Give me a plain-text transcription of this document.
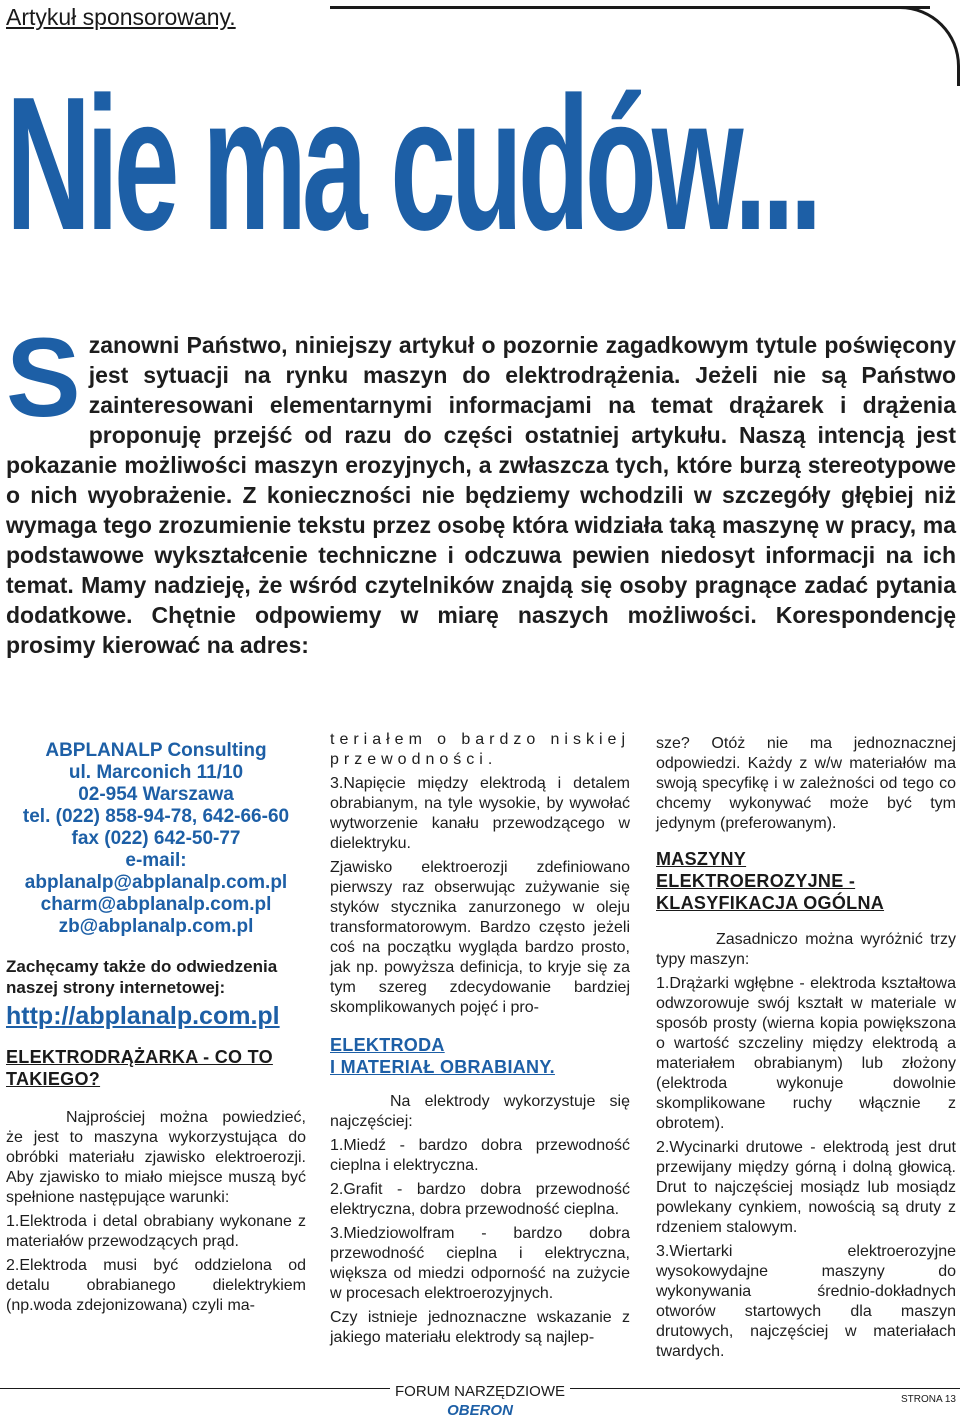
Artykuł sponsorowany.
Nie ma cudów...
S zanowni Państwo, niniejszy artykuł o pozornie zagadkowym tytule poświęcony jest sytuacji na rynku maszyn do elektrodrążenia. Jeżeli nie są Państwo zainteresowani elementarnymi informacjami na temat drążarek i drążenia proponuję przejść od razu do części ostatniej artykułu. Naszą intencją jest pokazanie możliwości maszyn erozyjnych, a zwłaszcza tych, które burzą stereotypowe o nich wyobrażenie. Z konieczności nie będziemy wchodzili w szczegóły głębiej niż wymaga tego zrozumienie tekstu przez osobę która widziała taką maszynę w pracy, ma podstawowe wykształcenie techniczne i odczuwa pewien niedosyt informacji na ich temat. Mamy nadzieję, że wśród czytelników znajdą się osoby pragnące zadać pytania dodatkowe. Chętnie odpowiemy w miarę naszych możliwości. Korespondencję prosimy kierować na adres:
ABPLANALP Consulting
ul. Marconich 11/10
02-954 Warszawa
tel. (022) 858-94-78, 642-66-60
fax (022) 642-50-77
e-mail:
abplanalp@abplanalp.com.pl
charm@abplanalp.com.pl
zb@abplanalp.com.pl
Zachęcamy także do odwiedzenia naszej strony internetowej:
http://abplanalp.com.pl
ELEKTRODRĄŻARKA - CO TO TAKIEGO?

Najprościej można powiedzieć, że jest to maszyna wykorzystująca do obróbki materiału zjawisko elektroerozji. Aby zjawisko to miało miejsce muszą być spełnione następujące warunki:

1.Elektroda i detal obrabiany wykonane z materiałów przewodzących prąd.

2.Elektroda musi być oddzielona od detalu obrabianego dielektrykiem (np.woda zdejonizowana) czyli ma-

teriałem o bardzo niskiej przewodności.

3.Napięcie między elektrodą i detalem obrabianym, na tyle wysokie, by wywołać wytworzenie kanału przewodzącego w dielektryku.

Zjawisko elektroerozji zdefiniowano pierwszy raz obserwując zużywanie się styków stycznika zanurzonego w oleju transformatorowym. Bardzo często jeżeli coś na początku wygląda bardzo prosto, jak np. powyższa definicja, to kryje się za tym szereg zdecydowanie bardziej skomplikowanych pojęć i pro-

ELEKTRODA
I MATERIAŁ OBRABIANY.

Na elektrody wykorzystuje się najczęściej:

1.Miedź - bardzo dobra przewodność cieplna i elektryczna.

2.Grafit - bardzo dobra przewodność elektryczna, dobra przewodność cieplna.

3.Miedziowolfram - bardzo dobra przewodność cieplna i elektryczna, większa od miedzi odporność na zużycie w procesach elektroerozyjnych.

Czy istnieje jednoznaczne wskazanie z jakiego materiału elektrody są najlep-

sze? Otóż nie ma jednoznacznej odpowiedzi. Każdy z w/w materiałów ma swoją specyfikę i w zależności od tego co chcemy wykonywać może być tym jedynym (preferowanym).

MASZYNY
ELEKTROEROZYJNE -
KLASYFIKACJA OGÓLNA

Zasadniczo można wyróżnić trzy typy maszyn:

1.Drążarki wgłębne - elektroda kształtowa odwzorowuje swój kształt w materiale w sposób prosty (wierna kopia powiększona o wartość szczeliny między elektrodą a materiałem obrabianym) lub złożony (elektroda wykonuje dowolnie skomplikowane ruchy włącznie z obrotem).

2.Wycinarki drutowe - elektrodą jest drut przewijany między górną i dolną głowicą. Drut to najczęściej mosiądz lub mosiądz powlekany cynkiem, nowością są druty z rdzeniem stalowym.

3.Wiertarki elektroerozyjne wysokowydajne maszyny do wykonywania średnio-dokładnych otworów startowych dla maszyn drutowych, najczęściej w materiałach twardych.

FORUM NARZĘDZIOWE
OBERON
STRONA 13
